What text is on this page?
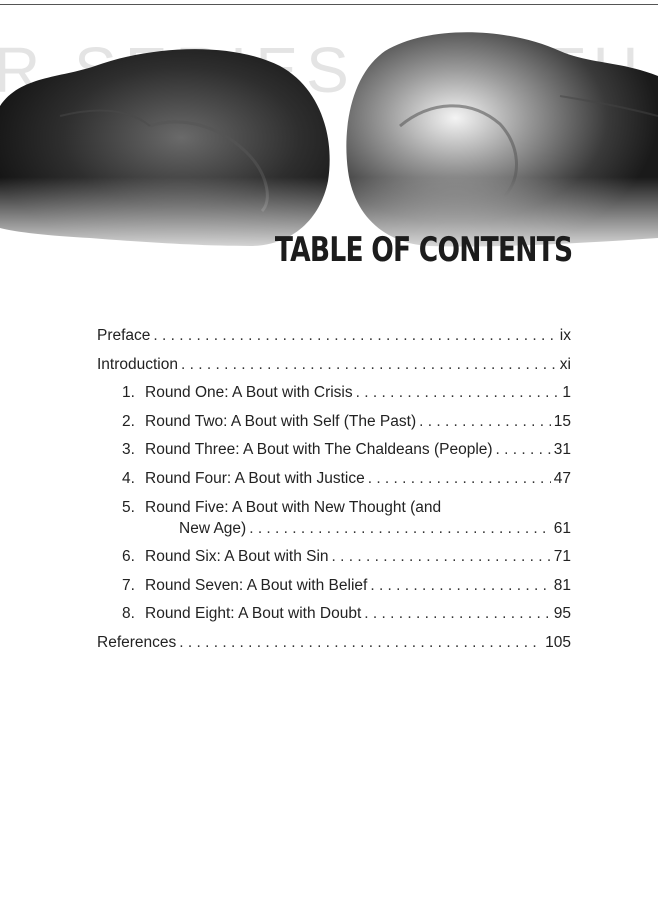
TABLE OF CONTENTS
Preface . . .	ix
Introduction . . .	xi
1. Round One: A Bout with Crisis . . .	1
2. Round Two: A Bout with Self (The Past) . . .	15
3. Round Three: A Bout with The Chaldeans (People) . . .	31
4. Round Four: A Bout with Justice . . .	47
5. Round Five: A Bout with New Thought (and
New Age) . . .	61
6. Round Six: A Bout with Sin . . .	71
7. Round Seven: A Bout with Belief . . .	81
8. Round Eight: A Bout with Doubt . . .	95
References . . .	105
